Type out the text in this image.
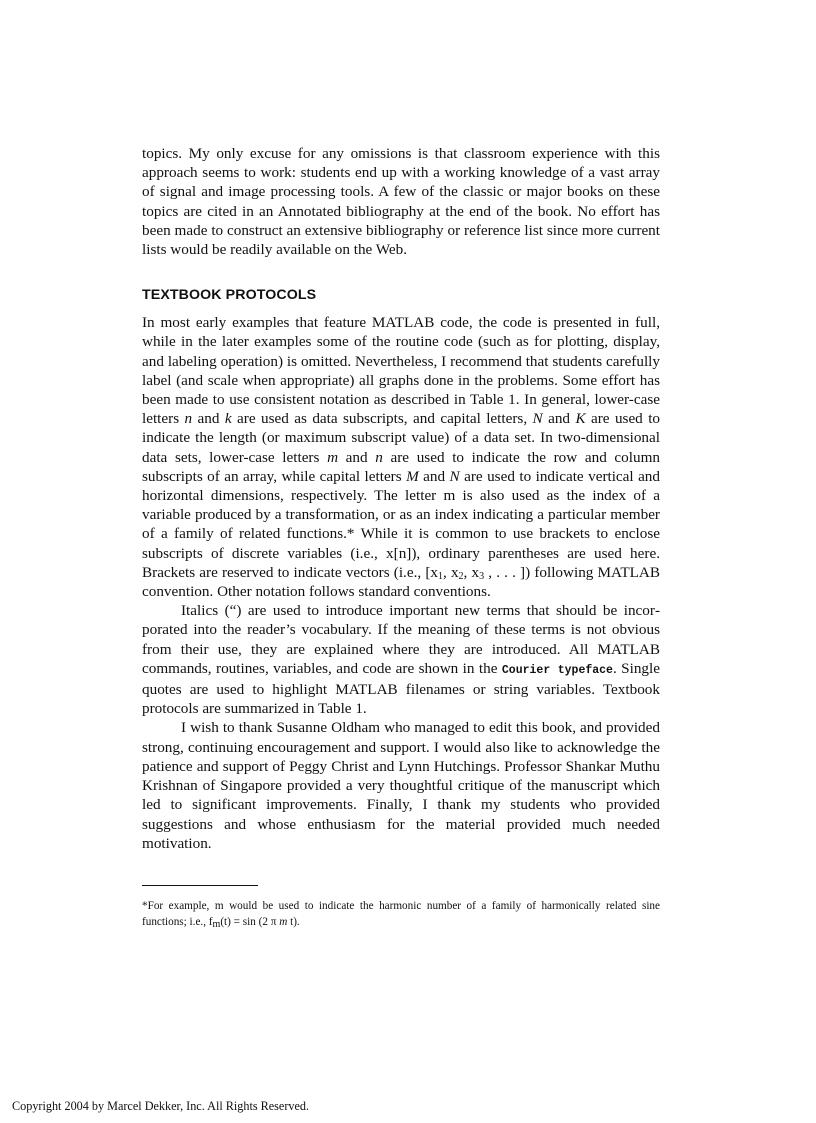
topics. My only excuse for any omissions is that classroom experience with this approach seems to work: students end up with a working knowledge of a vast array of signal and image processing tools. A few of the classic or major books on these topics are cited in an Annotated bibliography at the end of the book. No effort has been made to construct an extensive bibliography or reference list since more current lists would be readily available on the Web.

TEXTBOOK PROTOCOLS

In most early examples that feature MATLAB code, the code is presented in full, while in the later examples some of the routine code (such as for plotting, display, and labeling operation) is omitted. Nevertheless, I recommend that students carefully label (and scale when appropriate) all graphs done in the problems. Some effort has been made to use consistent notation as described in Table 1. In general, lower-case letters n and k are used as data subscripts, and capital letters, N and K are used to indicate the length (or maximum subscript value) of a data set. In two-dimensional data sets, lower-case letters m and n are used to indicate the row and column subscripts of an array, while capital letters M and N are used to indicate vertical and horizontal dimensions, respectively. The letter m is also used as the index of a variable produced by a transformation, or as an index indicating a particular member of a family of related functions.* While it is common to use brackets to enclose subscripts of discrete variables (i.e., x[n]), ordinary parentheses are used here. Brackets are reserved to indicate vectors (i.e., [$x_1$, $x_2$, $x_3$ , . . . ]) following MATLAB convention. Other notation follows standard conventions.

Italics (“) are used to introduce important new terms that should be incorporated into the reader’s vocabulary. If the meaning of these terms is not obvious from their use, they are explained where they are introduced. All MATLAB commands, routines, variables, and code are shown in the Courier typeface. Single quotes are used to highlight MATLAB filenames or string variables. Textbook protocols are summarized in Table 1.

I wish to thank Susanne Oldham who managed to edit this book, and provided strong, continuing encouragement and support. I would also like to acknowledge the patience and support of Peggy Christ and Lynn Hutchings. Professor Shankar Muthu Krishnan of Singapore provided a very thoughtful critique of the manuscript which led to significant improvements. Finally, I thank my students who provided suggestions and whose enthusiasm for the material provided much needed motivation.

*For example, m would be used to indicate the harmonic number of a family of harmonically related sine functions; i.e., $f_m(t) = \sin (2$ π m t).

Copyright 2004 by Marcel Dekker, Inc. All Rights Reserved.
